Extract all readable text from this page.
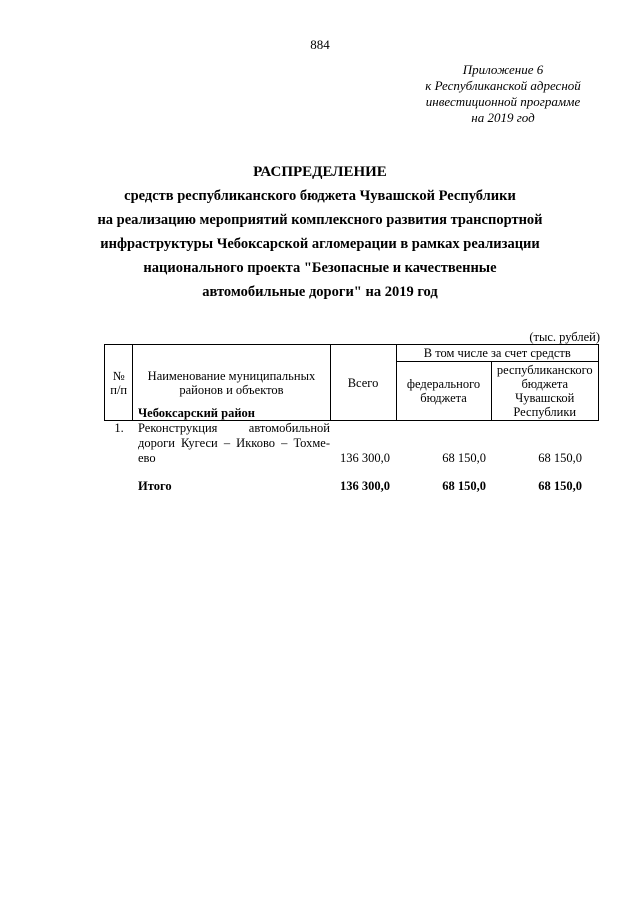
884
Приложение 6
к Республиканской адресной
инвестиционной программе
на 2019 год
РАСПРЕДЕЛЕНИЕ
средств республиканского бюджета Чувашской Республики
на реализацию мероприятий комплексного развития транспортной
инфраструктуры Чебоксарской агломерации в рамках реализации
национального проекта "Безопасные и качественные
автомобильные дороги" на 2019 год
(тыс. рублей)
№ п/п	Наименование муниципальных районов и объектов	Всего	В том числе за счет средств	
			федерального бюджета	республиканского бюджета Чувашской Республики
Чебоксарский район
1.	Реконструкция автомобильной
дороги Кугеси – Икково – Тохме-
ево	136 300,0	68 150,0	68 150,0
Итого	136 300,0	68 150,0	68 150,0
